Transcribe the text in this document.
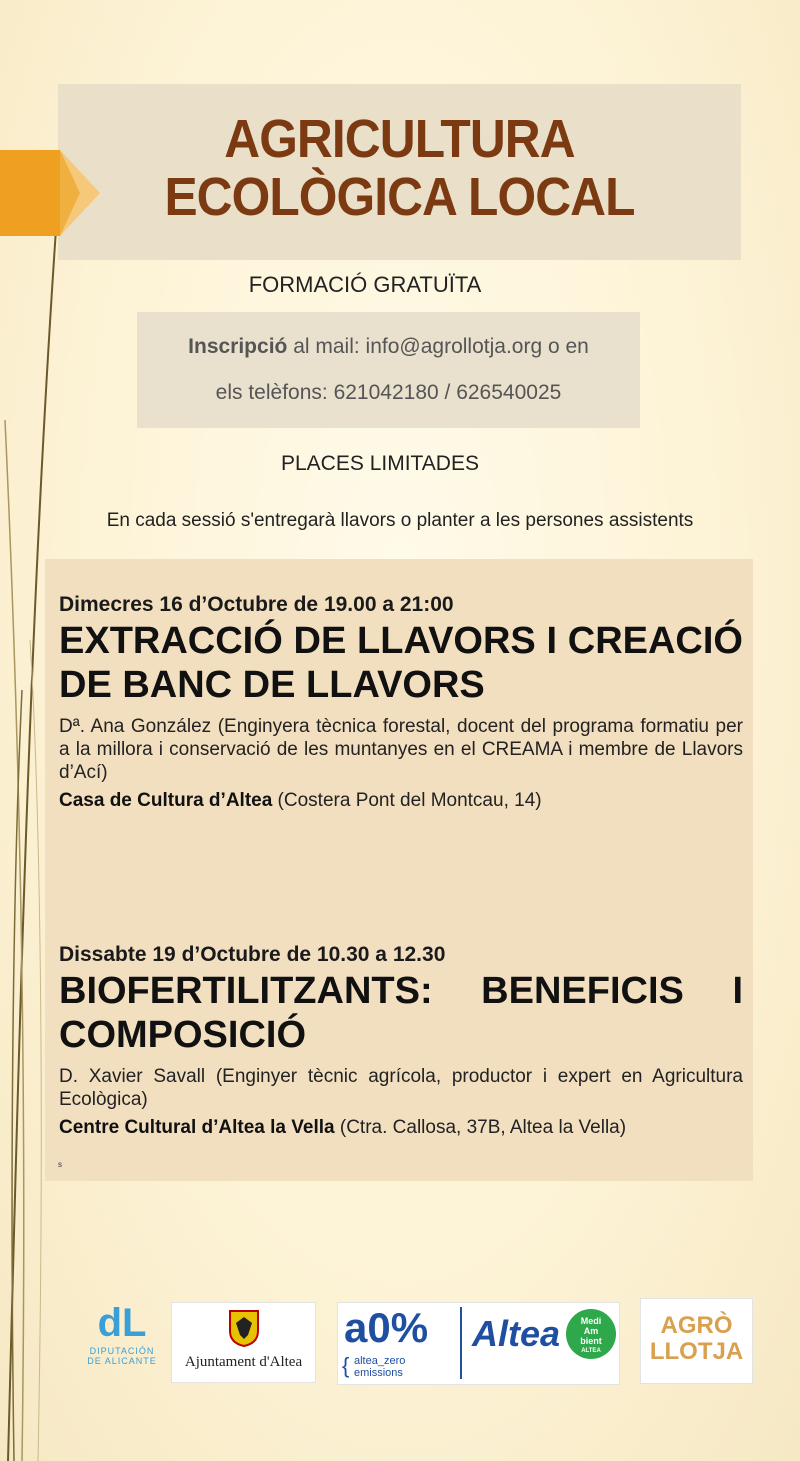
AGRICULTURA
ECOLÒGICA LOCAL
FORMACIÓ GRATUÏTA
Inscripció al mail: info@agrollotja.org o en
els telèfons: 621042180 / 626540025
PLACES LIMITADES
En cada sessió s'entregarà llavors o planter a les persones assistents
Dimecres 16 d’Octubre de 19.00 a 21:00
EXTRACCIÓ DE LLAVORS I CREACIÓ DE BANC DE LLAVORS
Dª. Ana González (Enginyera tècnica forestal, docent del programa formatiu per a la millora i conservació de les muntanyes en el CREAMA i membre de Llavors d’Ací)
Casa de Cultura d’Altea (Costera Pont del Montcau, 14)
Dissabte 19 d’Octubre de 10.30 a 12.30
BIOFERTILITZANTS: BENEFICIS I COMPOSICIÓ
D. Xavier Savall (Enginyer tècnic agrícola, productor i expert en Agricultura Ecològica)
Centre Cultural d’Altea la Vella (Ctra. Callosa, 37B, Altea la Vella)
s
dL
DIPUTACIÓN
DE ALICANTE	Ajuntament d'Altea
a0%
{ altea_zero
emissions
Altea	Medi
Am
bient
ALTEA
AGRÒ
LLOTJA
